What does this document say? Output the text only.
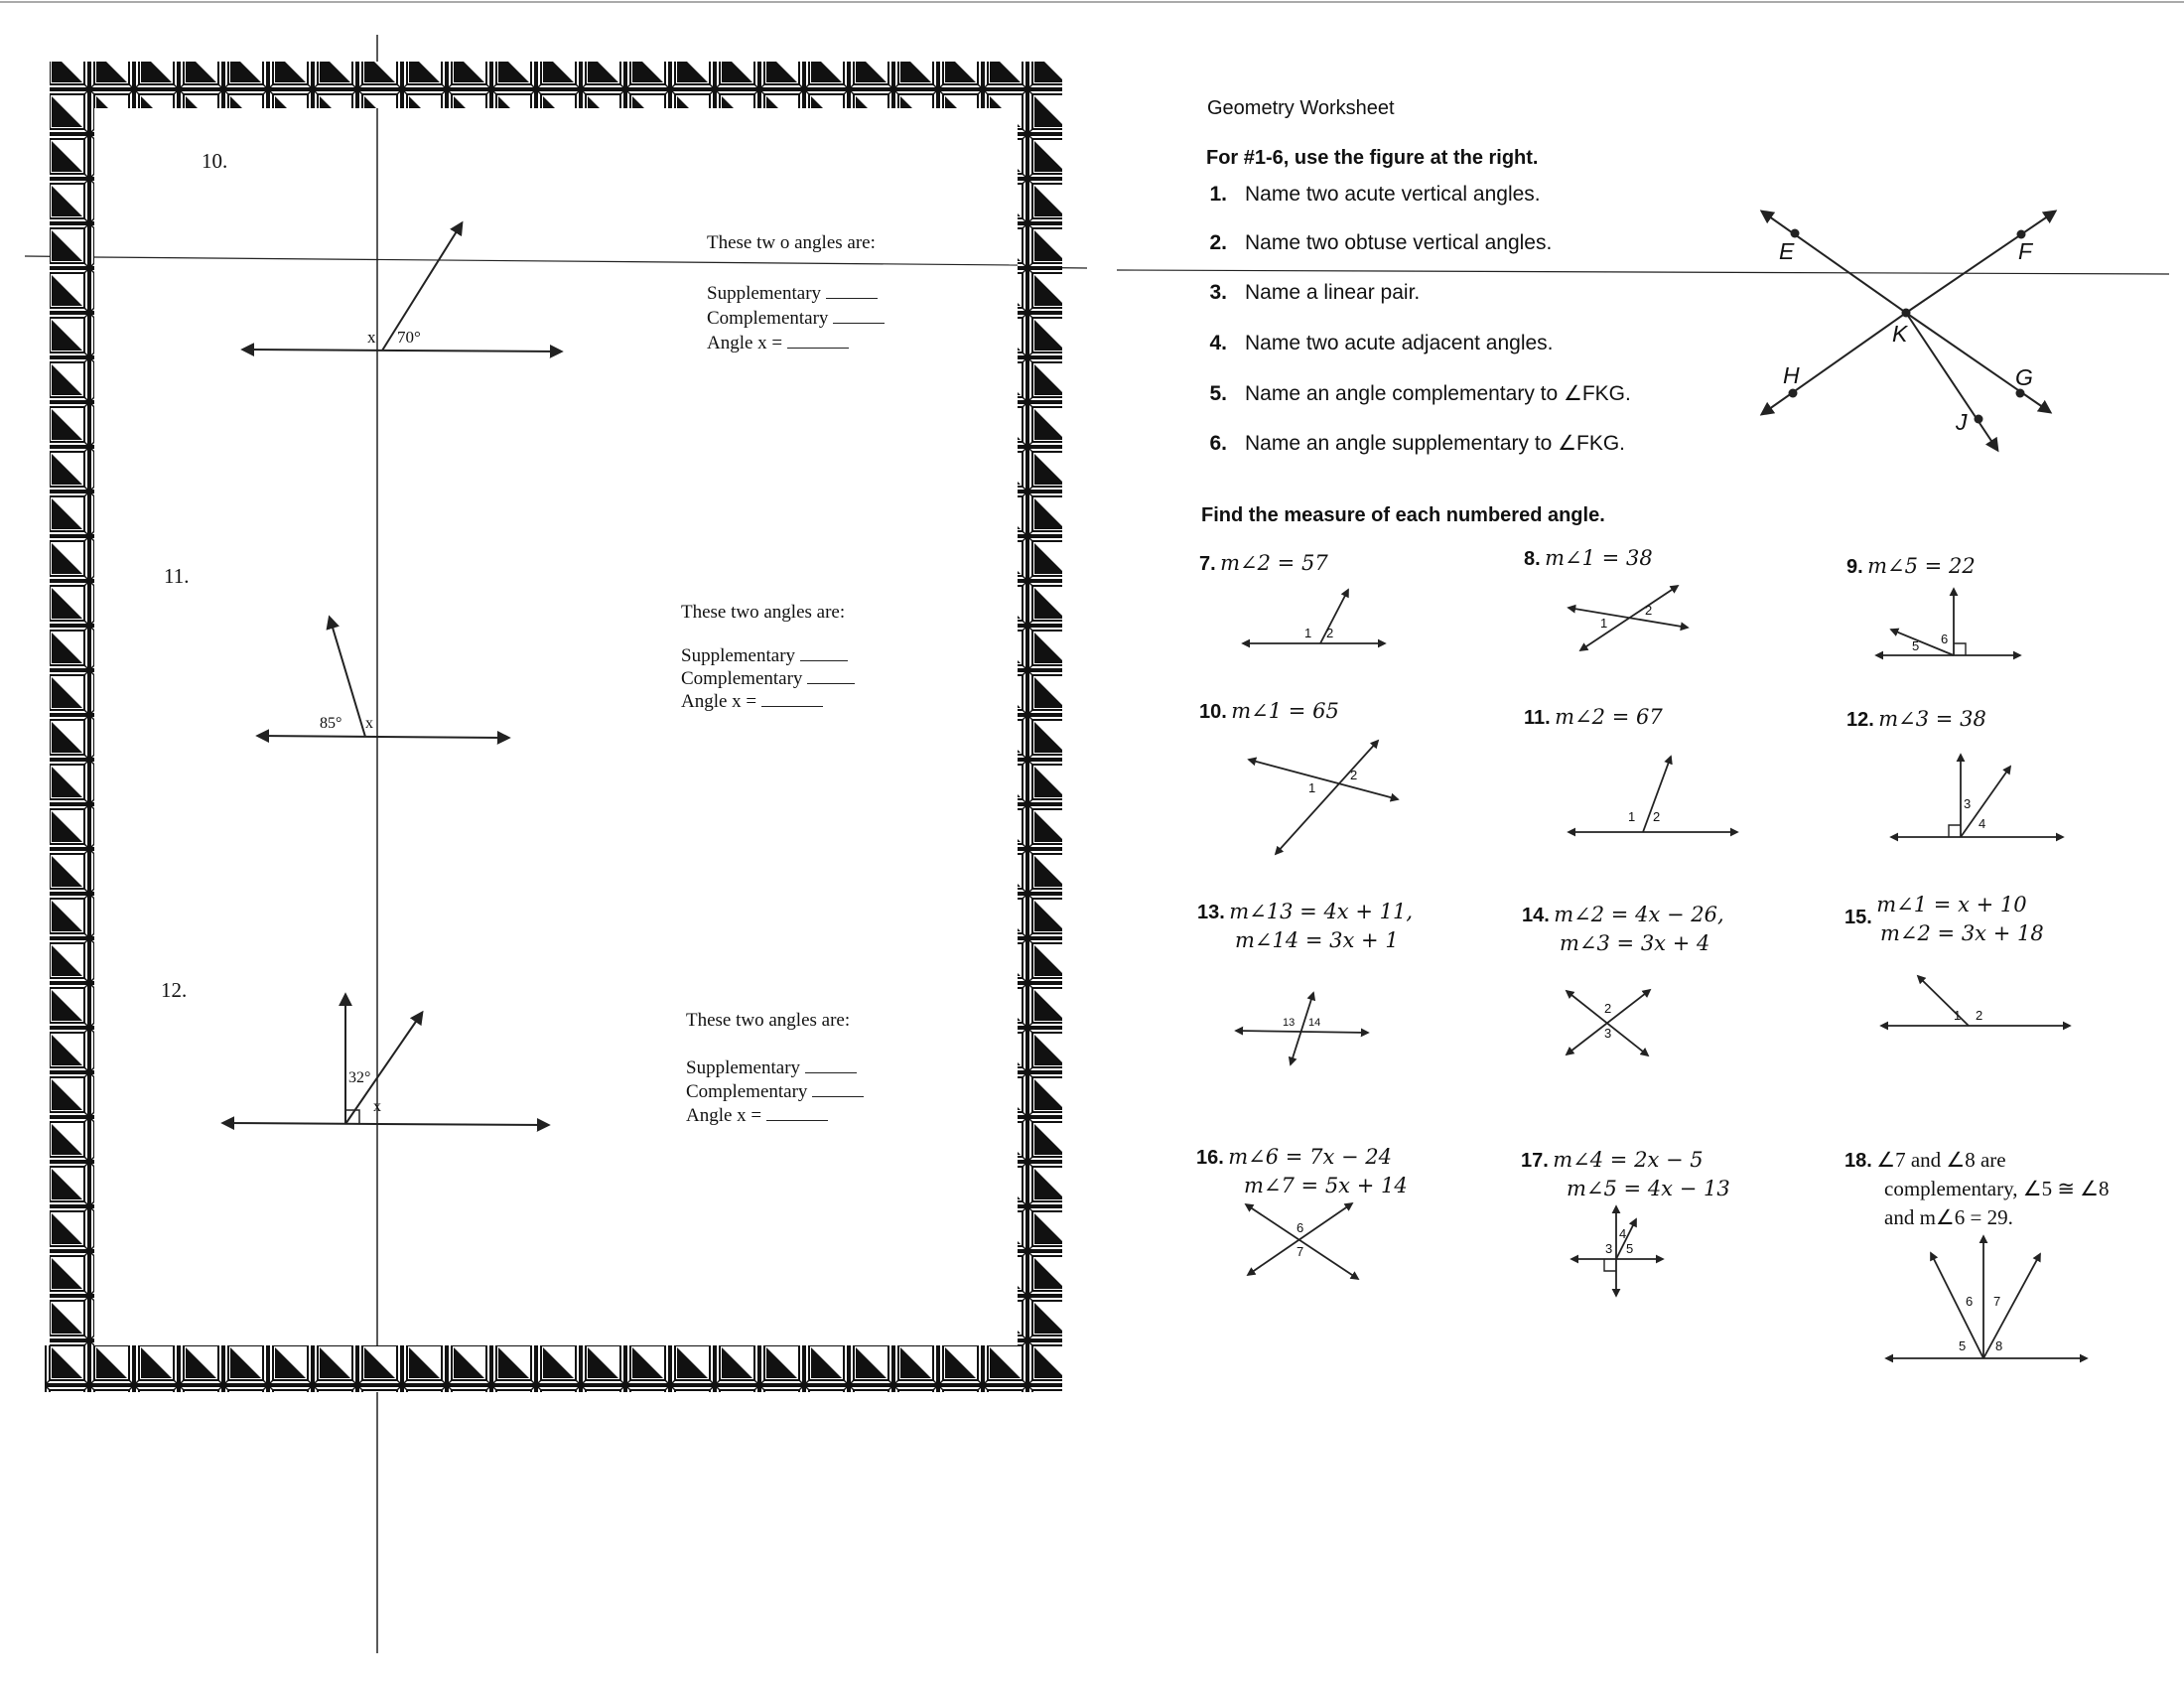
10.
x 70°
These tw o angles are:
Supplementary
Complementary
Angle x =
11.
85° x
These two angles are:
Supplementary
Complementary
Angle x =
12.
32°
x
These two angles are:
Supplementary
Complementary
Angle x =
Geometry Worksheet
For #1-6, use the figure at the right.
1. Name two acute vertical angles.
2. Name two obtuse vertical angles.
3. Name a linear pair.
4. Name two acute adjacent angles.
5. Name an angle complementary to ∠FKG.
6. Name an angle supplementary to ∠FKG.
E	F
K
H	G
J
Find the measure of each numbered angle.
7. m∠2 = 57	8. m∠1 = 38	9. m∠5 = 22
10. m∠1 = 65	11. m∠2 = 67	12. m∠3 = 38
13. m∠13 = 4x + 11,
m∠14 = 3x + 1
14. m∠2 = 4x − 26,
m∠3 = 3x + 4
15. m∠1 = x + 10
m∠2 = 3x + 18
16. m∠6 = 7x − 24
m∠7 = 5x + 14
17. m∠4 = 2x − 5
m∠5 = 4x − 13
18. ∠7 and ∠8 are
complementary, ∠5 ≅ ∠8
and m∠6 = 29.
1 2
1
2
5 6
1
2
1 2
3
4
13 14
2
3
1 2
6
7
4
3 5
6 7
5 8
